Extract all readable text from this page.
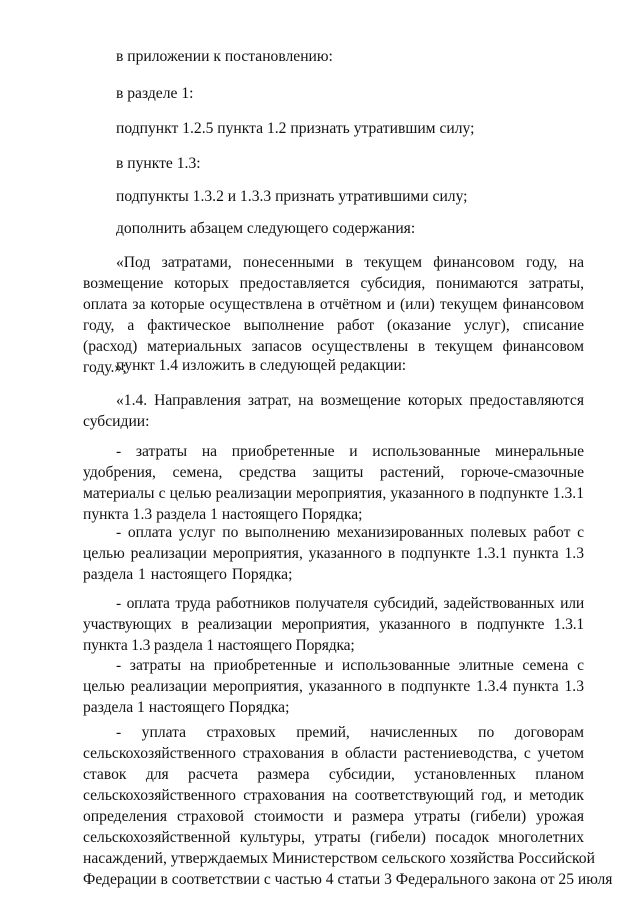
в приложении к постановлению:

в разделе 1:

подпункт 1.2.5 пункта 1.2 признать утратившим силу;

в пункте 1.3:

подпункты 1.3.2 и 1.3.3 признать утратившими силу;

дополнить абзацем следующего содержания:

«Под затратами, понесенными в текущем финансовом году, на возмещение которых предоставляется субсидия, понимаются затраты, оплата за которые осуществлена в отчётном и (или) текущем финансовом году, а фактическое выполнение работ (оказание услуг), списание (расход) материальных запасов осуществлены в текущем финансовом году.»;

пункт 1.4 изложить в следующей редакции:

«1.4. Направления затрат, на возмещение которых предоставляются субсидии:

- затраты на приобретенные и использованные минеральные удобрения, семена, средства защиты растений, горюче-смазочные материалы с целью реализации мероприятия, указанного в подпункте 1.3.1 пункта 1.3 раздела 1 настоящего Порядка;

- оплата услуг по выполнению механизированных полевых работ с целью реализации мероприятия, указанного в подпункте 1.3.1 пункта 1.3 раздела 1 настоящего Порядка;

- оплата труда работников получателя субсидий, задействованных или участвующих в реализации мероприятия, указанного в подпункте 1.3.1 пункта 1.3 раздела 1 настоящего Порядка;

- затраты на приобретенные и использованные элитные семена с целью реализации мероприятия, указанного в подпункте 1.3.4 пункта 1.3 раздела 1 настоящего Порядка;

- уплата страховых премий, начисленных по договорам
сельскохозяйственного страхования в области растениеводства, с учетом
ставок для расчета размера субсидии, установленных планом
сельскохозяйственного страхования на соответствующий год, и методик
определения страховой стоимости и размера утраты (гибели) урожая
сельскохозяйственной культуры, утраты (гибели) посадок многолетних
насаждений, утверждаемых Министерством сельского хозяйства Российской
Федерации в соответствии с частью 4 статьи 3 Федерального закона от 25 июля
